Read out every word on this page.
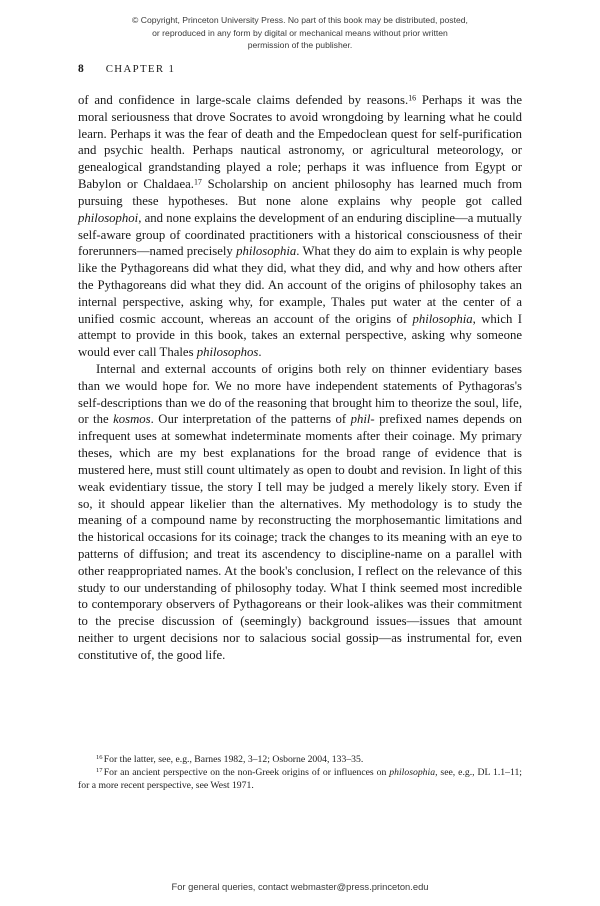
© Copyright, Princeton University Press. No part of this book may be distributed, posted, or reproduced in any form by digital or mechanical means without prior written permission of the publisher.
8 CHAPTER 1

of and confidence in large-scale claims defended by reasons.$^{16}$ Perhaps it was the moral seriousness that drove Socrates to avoid wrongdoing by learning what he could learn. Perhaps it was the fear of death and the Empedoclean quest for self-purification and psychic health. Perhaps nautical astronomy, or agricultural meteorology, or genealogical grandstanding played a role; perhaps it was influence from Egypt or Babylon or Chaldaea.$^{17}$ Scholarship on ancient philosophy has learned much from pursuing these hypotheses. But none alone explains why people got called philosophoi, and none explains the development of an enduring discipline—a mutually self-aware group of coordinated practitioners with a historical consciousness of their forerunners—named precisely philosophia. What they do aim to explain is why people like the Pythagoreans did what they did, what they did, and why and how others after the Pythagoreans did what they did. An account of the origins of philosophy takes an internal perspective, asking why, for example, Thales put water at the center of a unified cosmic account, whereas an account of the origins of philosophia, which I attempt to provide in this book, takes an external perspective, asking why someone would ever call Thales philosophos.

Internal and external accounts of origins both rely on thinner evidentiary bases than we would hope for. We no more have independent statements of Pythagoras's self-descriptions than we do of the reasoning that brought him to theorize the soul, life, or the kosmos. Our interpretation of the patterns of phil- prefixed names depends on infrequent uses at somewhat indeterminate moments after their coinage. My primary theses, which are my best explanations for the broad range of evidence that is mustered here, must still count ultimately as open to doubt and revision. In light of this weak evidentiary tissue, the story I tell may be judged a merely likely story. Even if so, it should appear likelier than the alternatives. My methodology is to study the meaning of a compound name by reconstructing the morphosemantic limitations and the historical occasions for its coinage; track the changes to its meaning with an eye to patterns of diffusion; and treat its ascendency to discipline-name on a parallel with other reappropriated names. At the book's conclusion, I reflect on the relevance of this study to our understanding of philosophy today. What I think seemed most incredible to contemporary observers of Pythagoreans or their look-alikes was their commitment to the precise discussion of (seemingly) background issues—issues that amount neither to urgent decisions nor to salacious social gossip—as instrumental for, even constitutive of, the good life.

$^{16}$For the latter, see, e.g., Barnes 1982, 3–12; Osborne 2004, 133–35.

$^{17}$For an ancient perspective on the non-Greek origins of or influences on philosophia, see, e.g., DL 1.1–11; for a more recent perspective, see West 1971.

For general queries, contact webmaster@press.princeton.edu
